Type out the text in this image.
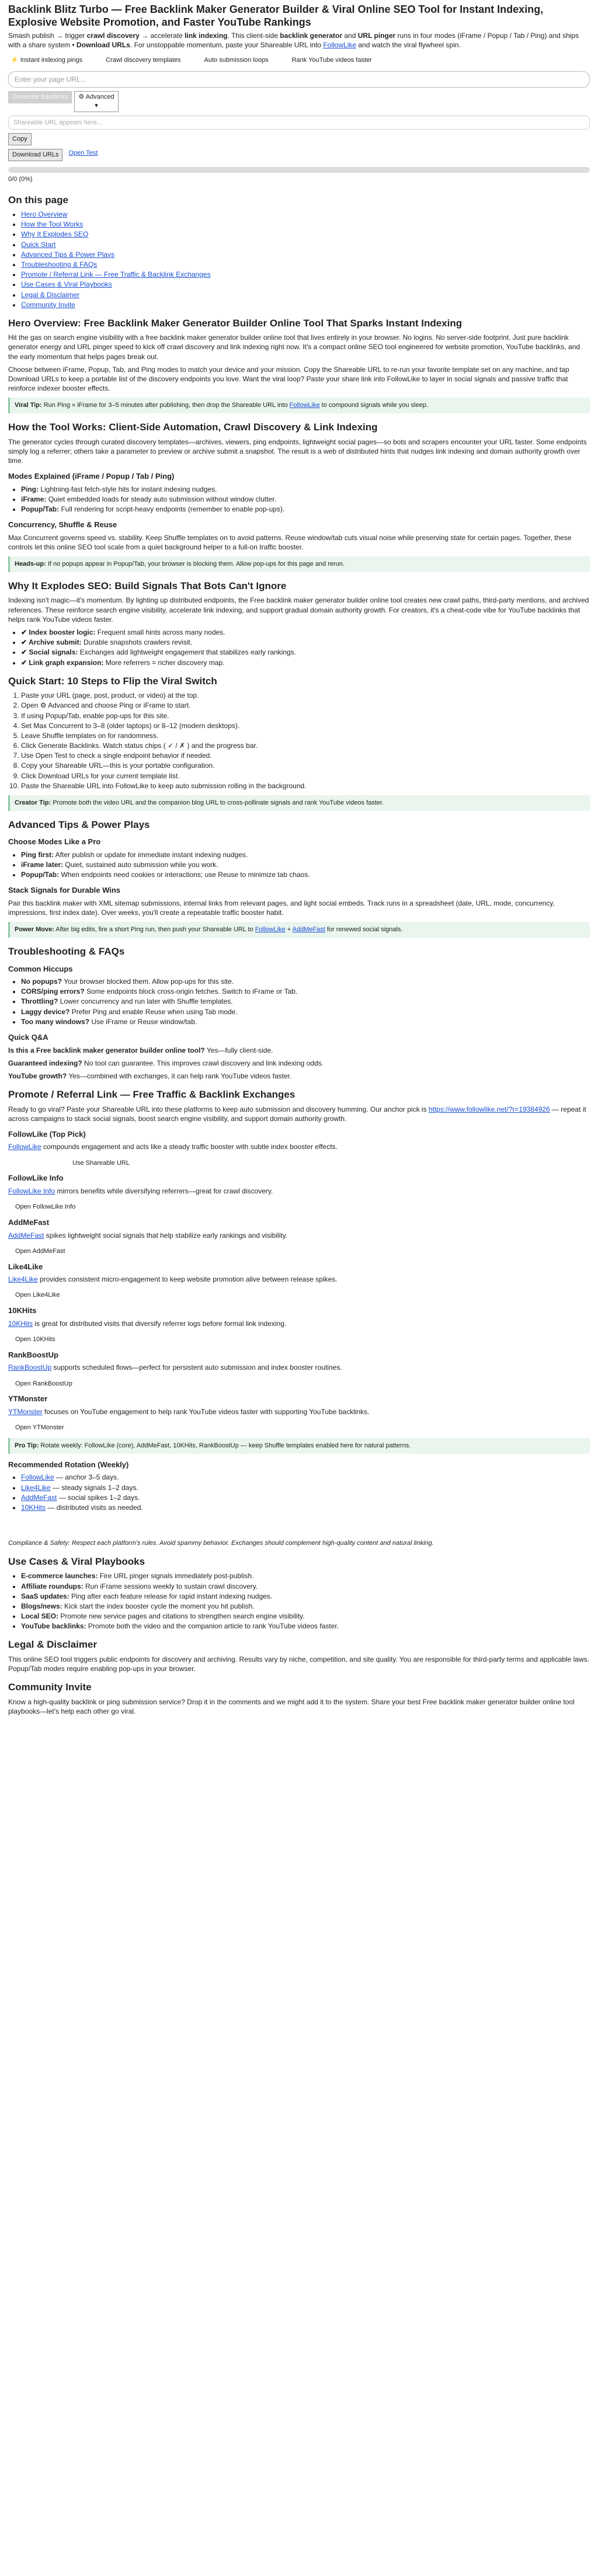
Backlink Blitz Turbo — Free Backlink Maker Generator Builder & Viral Online SEO Tool for Instant Indexing, Explosive Website Promotion, and Faster YouTube Rankings

Smash publish → trigger crawl discovery → accelerate link indexing. This client-side backlink generator and URL pinger runs in four modes (iFrame / Popup / Tab / Ping) and ships with a share system • Download URLs. For unstoppable momentum, paste your Shareable URL into FollowLike and watch the viral flywheel spin.

⚡ Instant indexing pings	Crawl discovery templates	Auto submission loops	Rank YouTube videos faster
Enter your page URL...
Generate Backlinks	⚙ Advanced
▾
Shareable URL appears here...
Copy
Download URLs	Open Test
0/0 (0%)
On this page
• Hero Overview
• How the Tool Works
• Why It Explodes SEO
• Quick Start
• Advanced Tips & Power Plays
• Troubleshooting & FAQs
• Promote / Referral Link — Free Traffic & Backlink Exchanges
• Use Cases & Viral Playbooks
• Legal & Disclaimer
• Community Invite
Hero Overview: Free Backlink Maker Generator Builder Online Tool That Sparks Instant Indexing

Hit the gas on search engine visibility with a free backlink maker generator builder online tool that lives entirely in your browser. No logins. No server-side footprint. Just pure backlink generator energy and URL pinger speed to kick off crawl discovery and link indexing right now. It's a compact online SEO tool engineered for website promotion, YouTube backlinks, and the early momentum that helps pages break out.

Choose between iFrame, Popup, Tab, and Ping modes to match your device and your mission. Copy the Shareable URL to re-run your favorite template set on any machine, and tap Download URLs to keep a portable list of the discovery endpoints you love. Want the viral loop? Paste your share link into FollowLike to layer in social signals and passive traffic that reinforce indexer booster effects.

Viral Tip: Run Ping » iFrame for 3–5 minutes after publishing, then drop the Shareable URL into FollowLike to compound signals while you sleep.
How the Tool Works: Client-Side Automation, Crawl Discovery & Link Indexing

The generator cycles through curated discovery templates—archives, viewers, ping endpoints, lightweight social pages—so bots and scrapers encounter your URL faster. Some endpoints simply log a referrer; others take a parameter to preview or archive submit a snapshot. The result is a web of distributed hints that nudges link indexing and domain authority growth over time.

Modes Explained (iFrame / Popup / Tab / Ping)
• Ping: Lightning-fast fetch-style hits for instant indexing nudges.
• iFrame: Quiet embedded loads for steady auto submission without window clutter.
• Popup/Tab: Full rendering for script-heavy endpoints (remember to enable pop-ups).
Concurrency, Shuffle & Reuse

Max Concurrent governs speed vs. stability. Keep Shuffle templates on to avoid patterns. Reuse window/tab cuts visual noise while preserving state for certain pages. Together, these controls let this online SEO tool scale from a quiet background helper to a full-on traffic booster.

Heads-up: If no popups appear in Popup/Tab, your browser is blocking them. Allow pop-ups for this page and rerun.
Why It Explodes SEO: Build Signals That Bots Can't Ignore

Indexing isn't magic—it's momentum. By lighting up distributed endpoints, the Free backlink maker generator builder online tool creates new crawl paths, third-party mentions, and archived references. These reinforce search engine visibility, accelerate link indexing, and support gradual domain authority growth. For creators, it's a cheat-code vibe for YouTube backlinks that helps rank YouTube videos faster.

• ✔ Index booster logic: Frequent small hints across many nodes.
• ✔ Archive submit: Durable snapshots crawlers revisit.
• ✔ Social signals: Exchanges add lightweight engagement that stabilizes early rankings.
• ✔ Link graph expansion: More referrers = richer discovery map.
Quick Start: 10 Steps to Flip the Viral Switch
1. Paste your URL (page, post, product, or video) at the top.
2. Open ⚙ Advanced and choose Ping or iFrame to start.
3. If using Popup/Tab, enable pop-ups for this site.
4. Set Max Concurrent to 3–8 (older laptops) or 8–12 (modern desktops).
5. Leave Shuffle templates on for randomness.
6. Click Generate Backlinks. Watch status chips ( ✓ / ✗ ) and the progress bar.
7. Use Open Test to check a single endpoint behavior if needed.
8. Copy your Shareable URL—this is your portable configuration.
9. Click Download URLs for your current template list.
10. Paste the Shareable URL into FollowLike to keep auto submission rolling in the background.
Creator Tip: Promote both the video URL and the companion blog URL to cross-pollinate signals and rank YouTube videos faster.
Advanced Tips & Power Plays
Choose Modes Like a Pro
• Ping first: After publish or update for immediate instant indexing nudges.
• iFrame later: Quiet, sustained auto submission while you work.
• Popup/Tab: When endpoints need cookies or interactions; use Reuse to minimize tab chaos.
Stack Signals for Durable Wins

Pair this backlink maker with XML sitemap submissions, internal links from relevant pages, and light social embeds. Track runs in a spreadsheet (date, URL, mode, concurrency, impressions, first index date). Over weeks, you'll create a repeatable traffic booster habit.

Power Move: After big edits, fire a short Ping run, then push your Shareable URL to FollowLike + AddMeFast for renewed social signals.
Troubleshooting & FAQs
Common Hiccups
• No popups? Your browser blocked them. Allow pop-ups for this site.
• CORS/ping errors? Some endpoints block cross-origin fetches. Switch to iFrame or Tab.
• Throttling? Lower concurrency and run later with Shuffle templates.
• Laggy device? Prefer Ping and enable Reuse when using Tab mode.
• Too many windows? Use iFrame or Reuse window/tab.
Quick Q&A

Is this a Free backlink maker generator builder online tool? Yes—fully client-side.

Guaranteed indexing? No tool can guarantee. This improves crawl discovery and link indexing odds.

YouTube growth? Yes—combined with exchanges, it can help rank YouTube videos faster.

Promote / Referral Link — Free Traffic & Backlink Exchanges

Ready to go viral? Paste your Shareable URL into these platforms to keep auto submission and discovery humming. Our anchor pick is https://www.followlike.net/?r=19384926 — repeat it across campaigns to stack social signals, boost search engine visibility, and support domain authority growth.

FollowLike (Top Pick)

FollowLike compounds engagement and acts like a steady traffic booster with subtle index booster effects.

Use Shareable URL
FollowLike Info

FollowLike Info mirrors benefits while diversifying referrers—great for crawl discovery.

Open FollowLike Info
AddMeFast

AddMeFast spikes lightweight social signals that help stabilize early rankings and visibility.

Open AddMeFast
Like4Like

Like4Like provides consistent micro-engagement to keep website promotion alive between release spikes.

Open Like4Like
10KHits

10KHits is great for distributed visits that diversify referrer logs before formal link indexing.

Open 10KHits
RankBoostUp

RankBoostUp supports scheduled flows—perfect for persistent auto submission and index booster routines.

Open RankBoostUp
YTMonster

YTMonster focuses on YouTube engagement to help rank YouTube videos faster with supporting YouTube backlinks.

Open YTMonster
Pro Tip: Rotate weekly: FollowLike (core), AddMeFast, 10KHits, RankBoostUp — keep Shuffle templates enabled here for natural patterns.
Recommended Rotation (Weekly)
• FollowLike — anchor 3–5 days.
• Like4Like — steady signals 1–2 days.
• AddMeFast — social spikes 1–2 days.
• 10KHits — distributed visits as needed.

Compliance & Safety: Respect each platform's rules. Avoid spammy behavior. Exchanges should complement high-quality content and natural linking.

Use Cases & Viral Playbooks
• E-commerce launches: Fire URL pinger signals immediately post-publish.
• Affiliate roundups: Run iFrame sessions weekly to sustain crawl discovery.
• SaaS updates: Ping after each feature release for rapid instant indexing nudges.
• Blogs/news: Kick start the index booster cycle the moment you hit publish.
• Local SEO: Promote new service pages and citations to strengthen search engine visibility.
• YouTube backlinks: Promote both the video and the companion article to rank YouTube videos faster.
Legal & Disclaimer

This online SEO tool triggers public endpoints for discovery and archiving. Results vary by niche, competition, and site quality. You are responsible for third-party terms and applicable laws. Popup/Tab modes require enabling pop-ups in your browser.

Community Invite

Know a high-quality backlink or ping submission service? Drop it in the comments and we might add it to the system. Share your best Free backlink maker generator builder online tool playbooks—let's help each other go viral.
